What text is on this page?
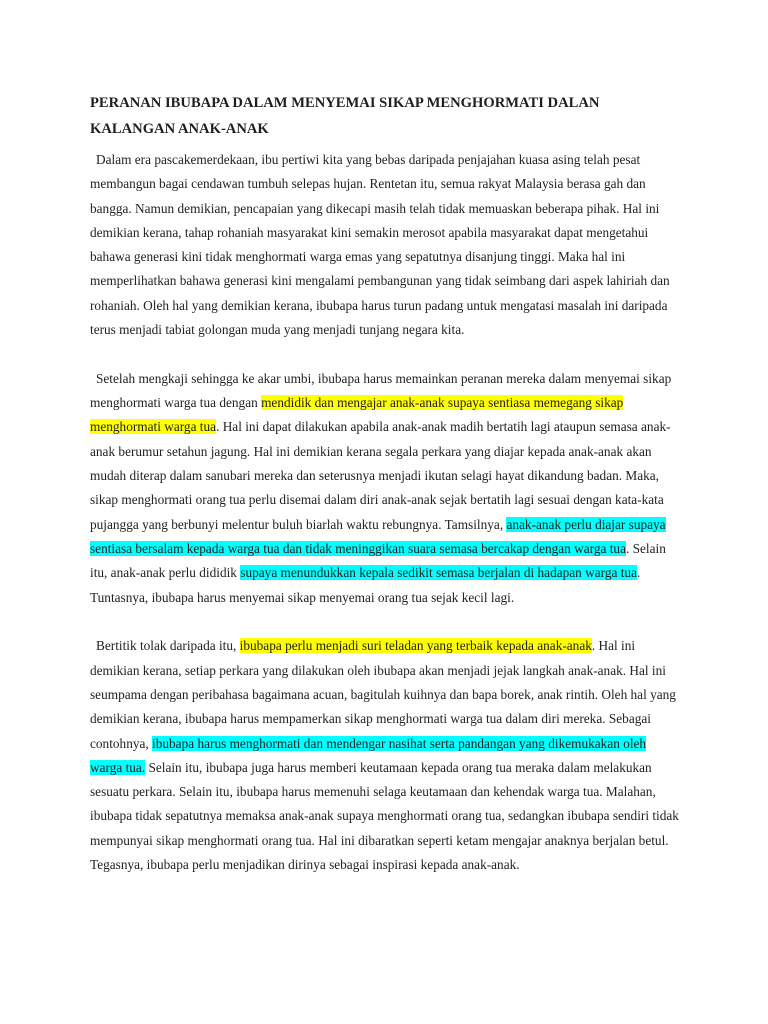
PERANAN IBUBAPA DALAM MENYEMAI SIKAP MENGHORMATI DALAN KALANGAN ANAK-ANAK

Dalam era pascakemerdekaan, ibu pertiwi kita yang bebas daripada penjajahan kuasa asing telah pesat membangun bagai cendawan tumbuh selepas hujan. Rentetan itu, semua rakyat Malaysia berasa gah dan bangga. Namun demikian, pencapaian yang dikecapi masih telah tidak memuaskan beberapa pihak. Hal ini demikian kerana, tahap rohaniah masyarakat kini semakin merosot apabila masyarakat dapat mengetahui bahawa generasi kini tidak menghormati warga emas yang sepatutnya disanjung tinggi. Maka hal ini memperlihatkan bahawa generasi kini mengalami pembangunan yang tidak seimbang dari aspek lahiriah dan rohaniah. Oleh hal yang demikian kerana, ibubapa harus turun padang untuk mengatasi masalah ini daripada terus menjadi tabiat golongan muda yang menjadi tunjang negara kita.

Setelah mengkaji sehingga ke akar umbi, ibubapa harus memainkan peranan mereka dalam menyemai sikap menghormati warga tua dengan mendidik dan mengajar anak-anak supaya sentiasa memegang sikap menghormati warga tua. Hal ini dapat dilakukan apabila anak-anak madih bertatih lagi ataupun semasa anak-anak berumur setahun jagung. Hal ini demikian kerana segala perkara yang diajar kepada anak-anak akan mudah diterap dalam sanubari mereka dan seterusnya menjadi ikutan selagi hayat dikandung badan. Maka, sikap menghormati orang tua perlu disemai dalam diri anak-anak sejak bertatih lagi sesuai dengan kata-kata pujangga yang berbunyi melentur buluh biarlah waktu rebungnya. Tamsilnya, anak-anak perlu diajar supaya sentiasa bersalam kepada warga tua dan tidak meninggikan suara semasa bercakap dengan warga tua. Selain itu, anak-anak perlu dididik supaya menundukkan kepala sedikit semasa berjalan di hadapan warga tua. Tuntasnya, ibubapa harus menyemai sikap menyemai orang tua sejak kecil lagi.

Bertitik tolak daripada itu, ibubapa perlu menjadi suri teladan yang terbaik kepada anak-anak. Hal ini demikian kerana, setiap perkara yang dilakukan oleh ibubapa akan menjadi jejak langkah anak-anak. Hal ini seumpama dengan peribahasa bagaimana acuan, bagitulah kuihnya dan bapa borek, anak rintih. Oleh hal yang demikian kerana, ibubapa harus mempamerkan sikap menghormati warga tua dalam diri mereka. Sebagai contohnya, ibubapa harus menghormati dan mendengar nasihat serta pandangan yang dikemukakan oleh warga tua. Selain itu, ibubapa juga harus memberi keutamaan kepada orang tua meraka dalam melakukan sesuatu perkara. Selain itu, ibubapa harus memenuhi selaga keutamaan dan kehendak warga tua. Malahan, ibubapa tidak sepatutnya memaksa anak-anak supaya menghormati orang tua, sedangkan ibubapa sendiri tidak mempunyai sikap menghormati orang tua. Hal ini dibaratkan seperti ketam mengajar anaknya berjalan betul. Tegasnya, ibubapa perlu menjadikan dirinya sebagai inspirasi kepada anak-anak.
